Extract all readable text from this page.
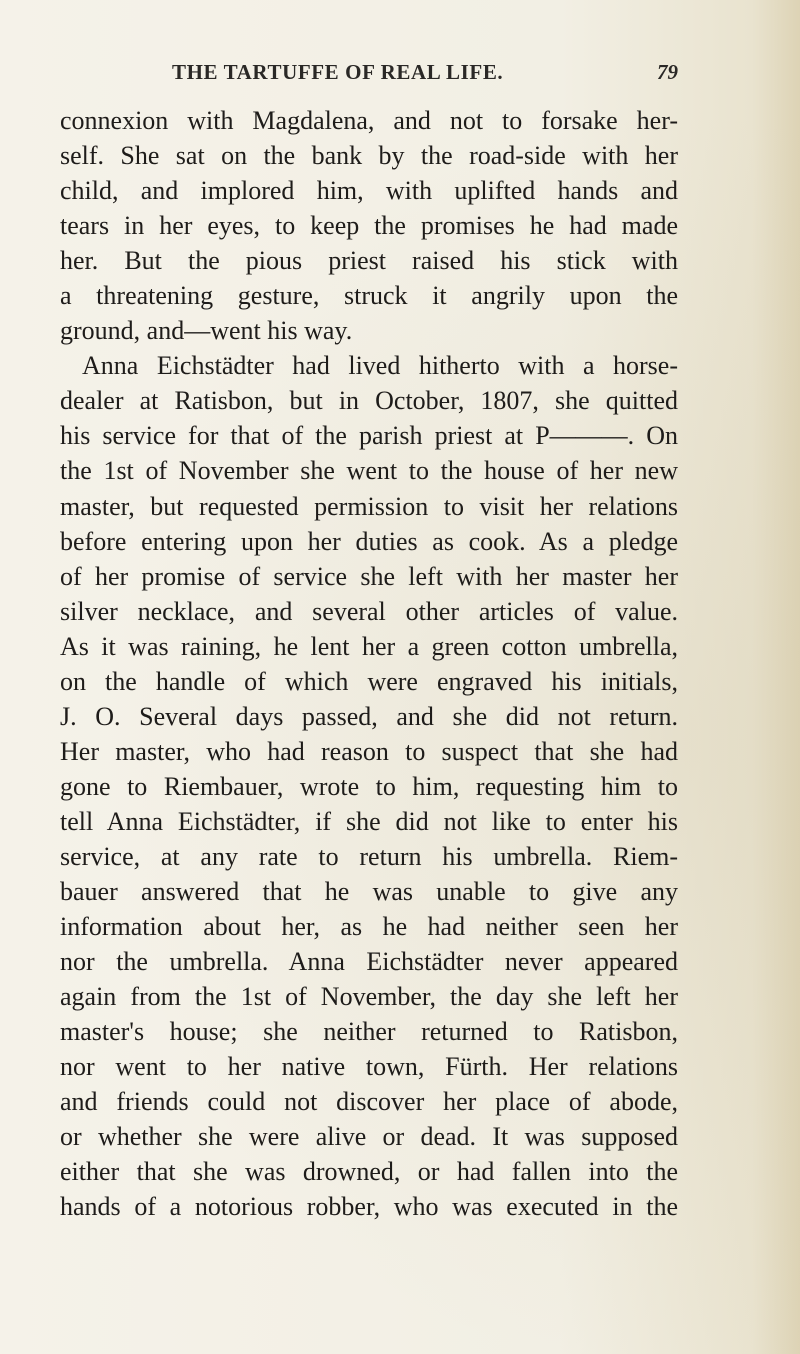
THE TARTUFFE OF REAL LIFE.	79
connexion with Magdalena, and not to forsake her-
self. She sat on the bank by the road-side with her
child, and implored him, with uplifted hands and
tears in her eyes, to keep the promises he had made
her. But the pious priest raised his stick with
a threatening gesture, struck it angrily upon the
ground, and—went his way.
Anna Eichstädter had lived hitherto with a horse-
dealer at Ratisbon, but in October, 1807, she quitted
his service for that of the parish priest at P———. On
the 1st of November she went to the house of her new
master, but requested permission to visit her relations
before entering upon her duties as cook. As a pledge
of her promise of service she left with her master her
silver necklace, and several other articles of value.
As it was raining, he lent her a green cotton umbrella,
on the handle of which were engraved his initials,
J. O. Several days passed, and she did not return.
Her master, who had reason to suspect that she had
gone to Riembauer, wrote to him, requesting him to
tell Anna Eichstädter, if she did not like to enter his
service, at any rate to return his umbrella. Riem-
bauer answered that he was unable to give any
information about her, as he had neither seen her
nor the umbrella. Anna Eichstädter never appeared
again from the 1st of November, the day she left her
master's house; she neither returned to Ratisbon,
nor went to her native town, Fürth. Her relations
and friends could not discover her place of abode,
or whether she were alive or dead. It was supposed
either that she was drowned, or had fallen into the
hands of a notorious robber, who was executed in the
